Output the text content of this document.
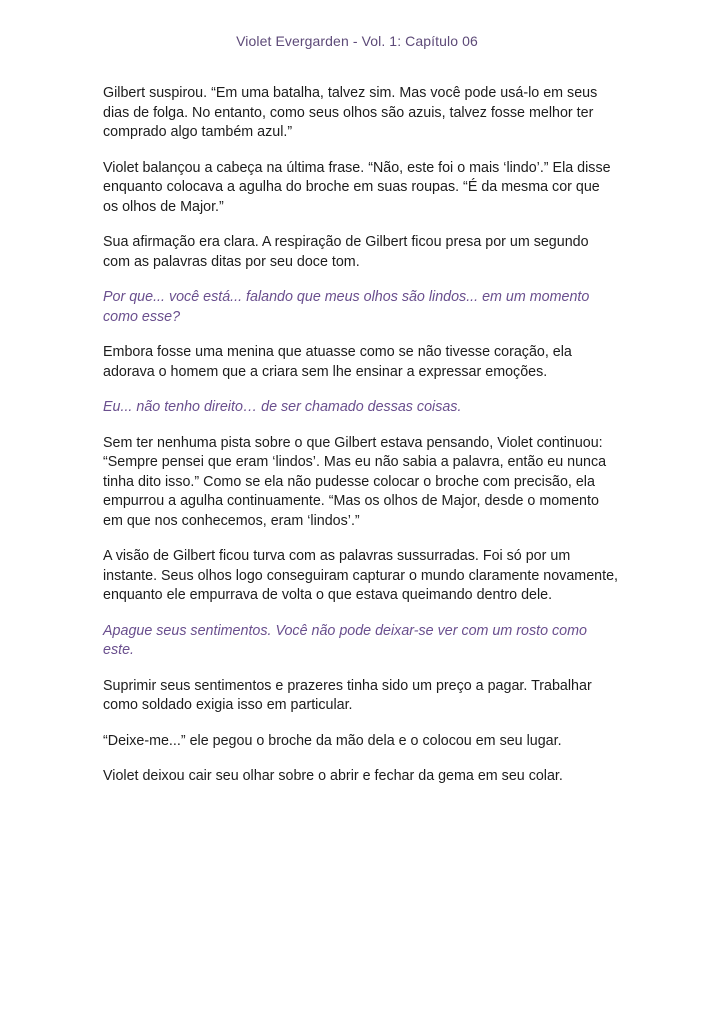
Violet Evergarden - Vol. 1: Capítulo 06

Gilbert suspirou. “Em uma batalha, talvez sim. Mas você pode usá-lo em seus dias de folga. No entanto, como seus olhos são azuis, talvez fosse melhor ter comprado algo também azul.”

Violet balançou a cabeça na última frase. “Não, este foi o mais ‘lindo’.” Ela disse enquanto colocava a agulha do broche em suas roupas. “É da mesma cor que os olhos de Major.”

Sua afirmação era clara. A respiração de Gilbert ficou presa por um segundo com as palavras ditas por seu doce tom.

Por que... você está... falando que meus olhos são lindos... em um momento como esse?

Embora fosse uma menina que atuasse como se não tivesse coração, ela adorava o homem que a criara sem lhe ensinar a expressar emoções.

Eu... não tenho direito… de ser chamado dessas coisas.

Sem ter nenhuma pista sobre o que Gilbert estava pensando, Violet continuou: “Sempre pensei que eram ‘lindos’. Mas eu não sabia a palavra, então eu nunca tinha dito isso.” Como se ela não pudesse colocar o broche com precisão, ela empurrou a agulha continuamente. “Mas os olhos de Major, desde o momento em que nos conhecemos, eram ‘lindos’.”

A visão de Gilbert ficou turva com as palavras sussurradas. Foi só por um instante. Seus olhos logo conseguiram capturar o mundo claramente novamente, enquanto ele empurrava de volta o que estava queimando dentro dele.

Apague seus sentimentos. Você não pode deixar-se ver com um rosto como este.

Suprimir seus sentimentos e prazeres tinha sido um preço a pagar. Trabalhar como soldado exigia isso em particular.

“Deixe-me...” ele pegou o broche da mão dela e o colocou em seu lugar.

Violet deixou cair seu olhar sobre o abrir e fechar da gema em seu colar.
